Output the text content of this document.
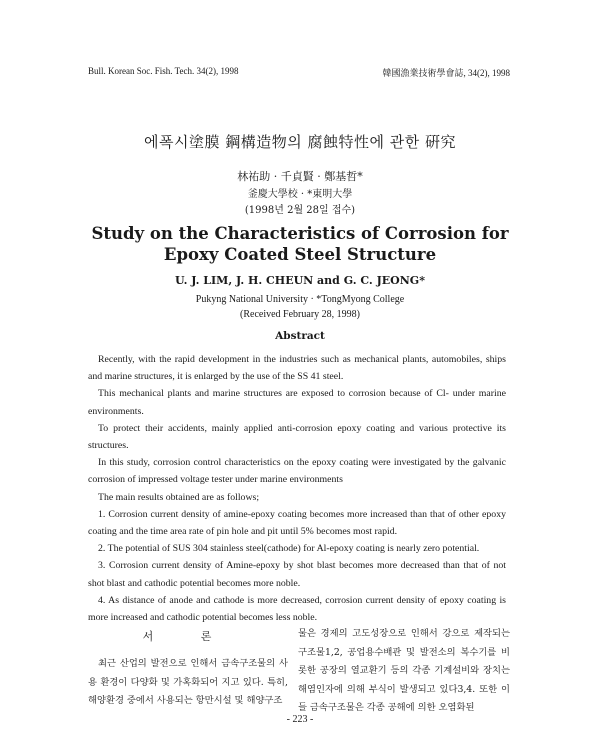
Bull. Korean Soc. Fish. Tech. 34(2), 1998	韓國漁業技術學會誌, 34(2), 1998
에폭시塗膜 鋼構造物의 腐蝕特性에 관한 硏究
林祐助 · 千貞賢 · 鄭基哲*
釜慶大學校 · *東明大學
(1998년 2월 28일 접수)
Study on the Characteristics of Corrosion for Epoxy Coated Steel Structure
U. J. LIM, J. H. CHEUN and G. C. JEONG*
Pukyng National University · *TongMyong College
(Received February 28, 1998)
Abstract

Recently, with the rapid development in the industries such as mechanical plants, automobiles, ships and marine structures, it is enlarged by the use of the SS 41 steel.

This mechanical plants and marine structures are exposed to corrosion because of Cl- under marine environments.

To protect their accidents, mainly applied anti-corrosion epoxy coating and various protective its structures.

In this study, corrosion control characteristics on the epoxy coating were investigated by the galvanic corrosion of impressed voltage tester under marine environments

The main results obtained are as follows;

1. Corrosion current density of amine-epoxy coating becomes more increased than that of other epoxy coating and the time area rate of pin hole and pit until 5% becomes most rapid.

2. The potential of SUS 304 stainless steel(cathode) for Al-epoxy coating is nearly zero potential.

3. Corrosion current density of Amine-epoxy by shot blast becomes more decreased than that of not shot blast and cathodic potential becomes more noble.

4. As distance of anode and cathode is more decreased, corrosion current density of epoxy coating is more increased and cathodic potential becomes less noble.

서 론
최근 산업의 발전으로 인해서 금속구조물의 사용 환경이 다양화 및 가혹화되어 지고 있다. 특히, 해양환경 중에서 사용되는 항만시설 및 해양구조
물은 경제의 고도성장으로 인해서 강으로 제작되는 구조물1,2, 공업용수배관 및 발전소의 복수기를 비롯한 공장의 열교환기 등의 각종 기계설비와 장치는 해염인자에 의해 부식이 발생되고 있다3,4. 또한 이들 금속구조물은 각종 공해에 의한 오염화된
- 223 -
